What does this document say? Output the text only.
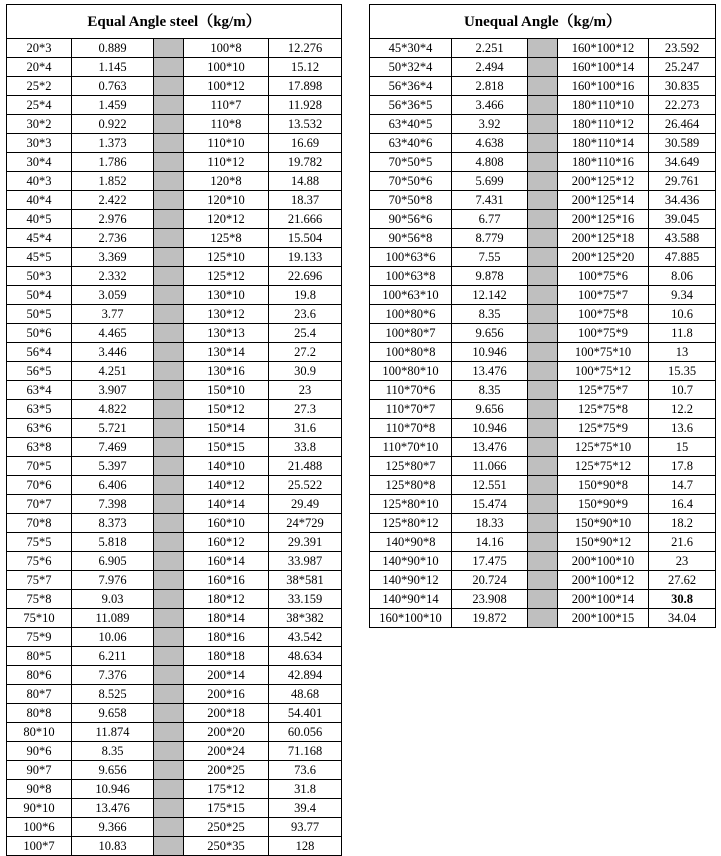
Equal Angle steel（kg/m）				
20*3	0.889		100*8	12.276
20*4	1.145		100*10	15.12
25*2	0.763		100*12	17.898
25*4	1.459		110*7	11.928
30*2	0.922		110*8	13.532
30*3	1.373		110*10	16.69
30*4	1.786		110*12	19.782
40*3	1.852		120*8	14.88
40*4	2.422		120*10	18.37
40*5	2.976		120*12	21.666
45*4	2.736		125*8	15.504
45*5	3.369		125*10	19.133
50*3	2.332		125*12	22.696
50*4	3.059		130*10	19.8
50*5	3.77		130*12	23.6
50*6	4.465		130*13	25.4
56*4	3.446		130*14	27.2
56*5	4.251		130*16	30.9
63*4	3.907		150*10	23
63*5	4.822		150*12	27.3
63*6	5.721		150*14	31.6
63*8	7.469		150*15	33.8
70*5	5.397		140*10	21.488
70*6	6.406		140*12	25.522
70*7	7.398		140*14	29.49
70*8	8.373		160*10	24*729
75*5	5.818		160*12	29.391
75*6	6.905		160*14	33.987
75*7	7.976		160*16	38*581
75*8	9.03		180*12	33.159
75*10	11.089		180*14	38*382
75*9	10.06		180*16	43.542
80*5	6.211		180*18	48.634
80*6	7.376		200*14	42.894
80*7	8.525		200*16	48.68
80*8	9.658		200*18	54.401
80*10	11.874		200*20	60.056
90*6	8.35		200*24	71.168
90*7	9.656		200*25	73.6
90*8	10.946		175*12	31.8
90*10	13.476		175*15	39.4
100*6	9.366		250*25	93.77
100*7	10.83		250*35	128
Unequal Angle（kg/m）				
45*30*4	2.251		160*100*12	23.592
50*32*4	2.494		160*100*14	25.247
56*36*4	2.818		160*100*16	30.835
56*36*5	3.466		180*110*10	22.273
63*40*5	3.92		180*110*12	26.464
63*40*6	4.638		180*110*14	30.589
70*50*5	4.808		180*110*16	34.649
70*50*6	5.699		200*125*12	29.761
70*50*8	7.431		200*125*14	34.436
90*56*6	6.77		200*125*16	39.045
90*56*8	8.779		200*125*18	43.588
100*63*6	7.55		200*125*20	47.885
100*63*8	9.878		100*75*6	8.06
100*63*10	12.142		100*75*7	9.34
100*80*6	8.35		100*75*8	10.6
100*80*7	9.656		100*75*9	11.8
100*80*8	10.946		100*75*10	13
100*80*10	13.476		100*75*12	15.35
110*70*6	8.35		125*75*7	10.7
110*70*7	9.656		125*75*8	12.2
110*70*8	10.946		125*75*9	13.6
110*70*10	13.476		125*75*10	15
125*80*7	11.066		125*75*12	17.8
125*80*8	12.551		150*90*8	14.7
125*80*10	15.474		150*90*9	16.4
125*80*12	18.33		150*90*10	18.2
140*90*8	14.16		150*90*12	21.6
140*90*10	17.475		200*100*10	23
140*90*12	20.724		200*100*12	27.62
140*90*14	23.908		200*100*14	30.8
160*100*10	19.872		200*100*15	34.04
